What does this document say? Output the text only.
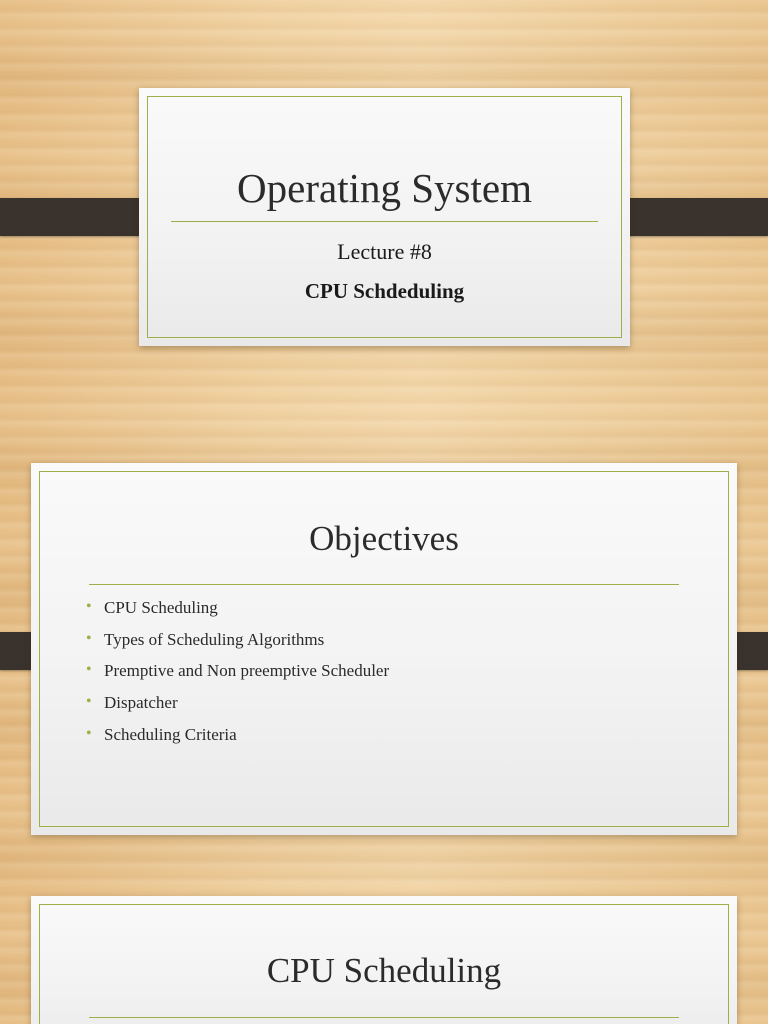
Operating System

Lecture #8

CPU Schdeduling

Objectives
• CPU Scheduling
• Types of Scheduling Algorithms
• Premptive and Non preemptive Scheduler
• Dispatcher
• Scheduling Criteria
CPU Scheduling
